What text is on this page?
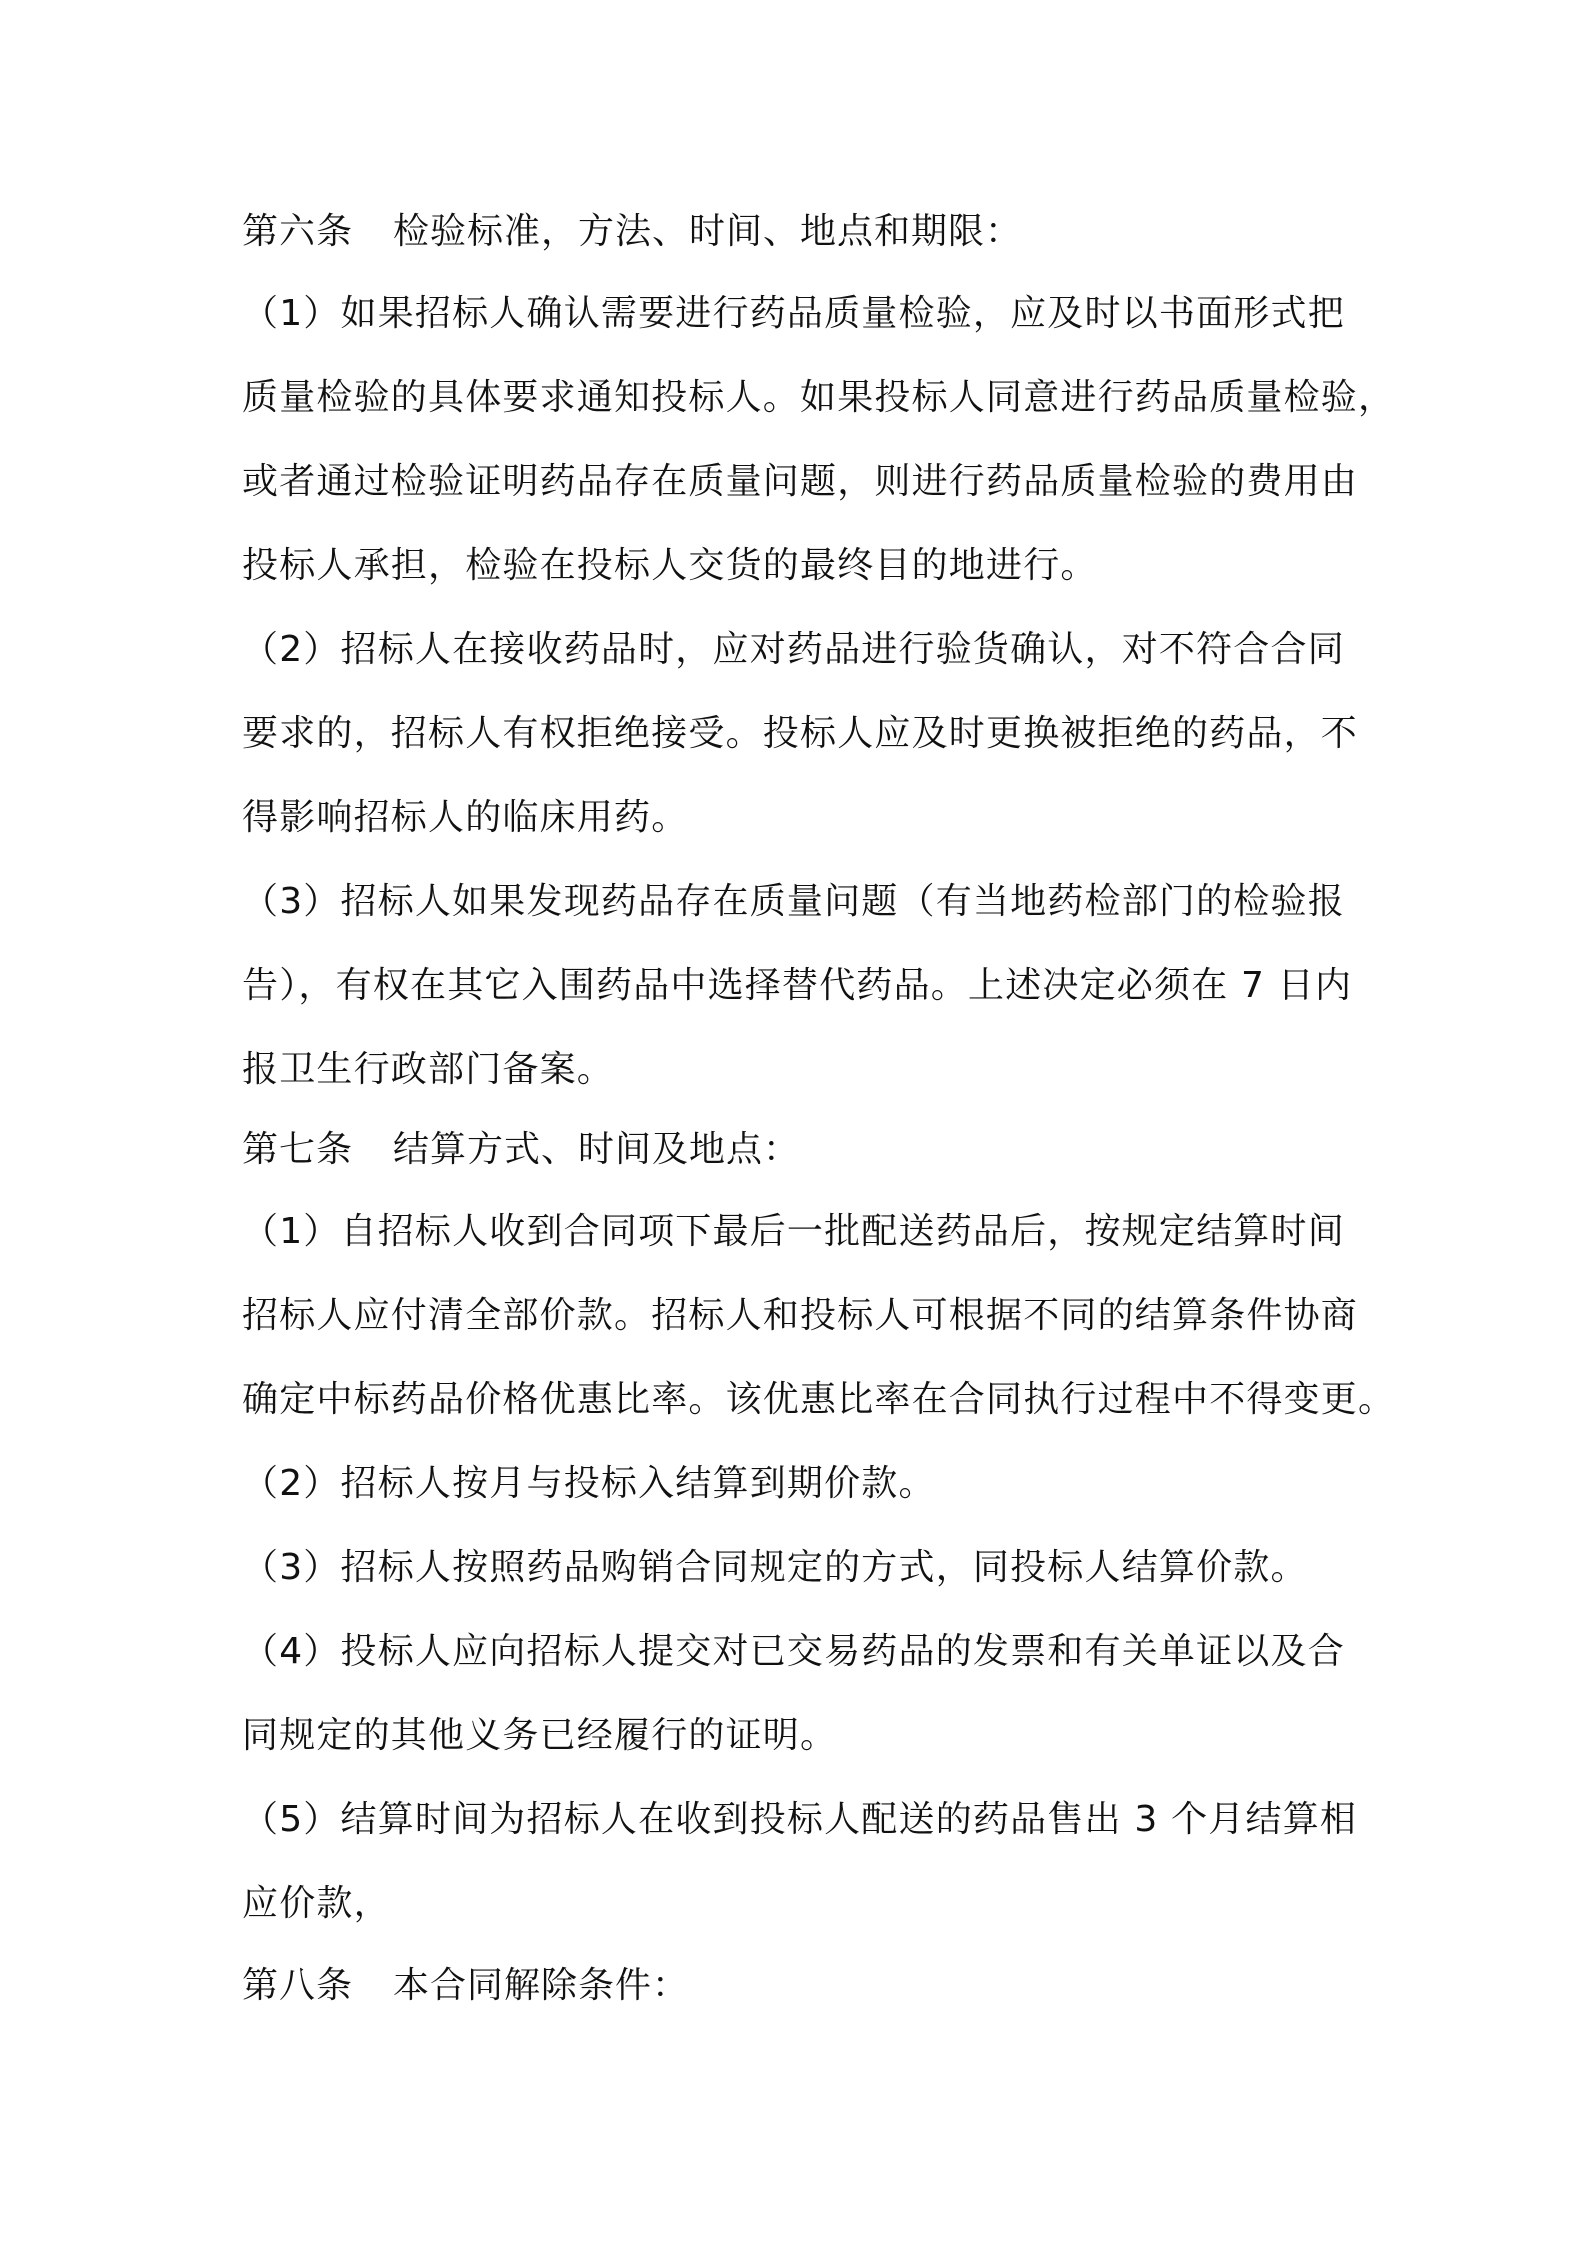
第六条 检验标准，方法、时间、地点和期限：
（1）如果招标人确认需要进行药品质量检验，应及时以书面形式把
质量检验的具体要求通知投标人。如果投标人同意进行药品质量检验，
或者通过检验证明药品存在质量问题，则进行药品质量检验的费用由
投标人承担，检验在投标人交货的最终目的地进行。
（2）招标人在接收药品时，应对药品进行验货确认，对不符合合同
要求的，招标人有权拒绝接受。投标人应及时更换被拒绝的药品，不
得影响招标人的临床用药。
（3）招标人如果发现药品存在质量问题（有当地药检部门的检验报
告），有权在其它入围药品中选择替代药品。上述决定必须在 7 日内
报卫生行政部门备案。
第七条 结算方式、时间及地点：
（1）自招标人收到合同项下最后一批配送药品后，按规定结算时间
招标人应付清全部价款。招标人和投标人可根据不同的结算条件协商
确定中标药品价格优惠比率。该优惠比率在合同执行过程中不得变更。
（2）招标人按月与投标入结算到期价款。
（3）招标人按照药品购销合同规定的方式，同投标人结算价款。
（4）投标人应向招标人提交对已交易药品的发票和有关单证以及合
同规定的其他义务已经履行的证明。
（5）结算时间为招标人在收到投标人配送的药品售出 3 个月结算相
应价款，
第八条 本合同解除条件：
